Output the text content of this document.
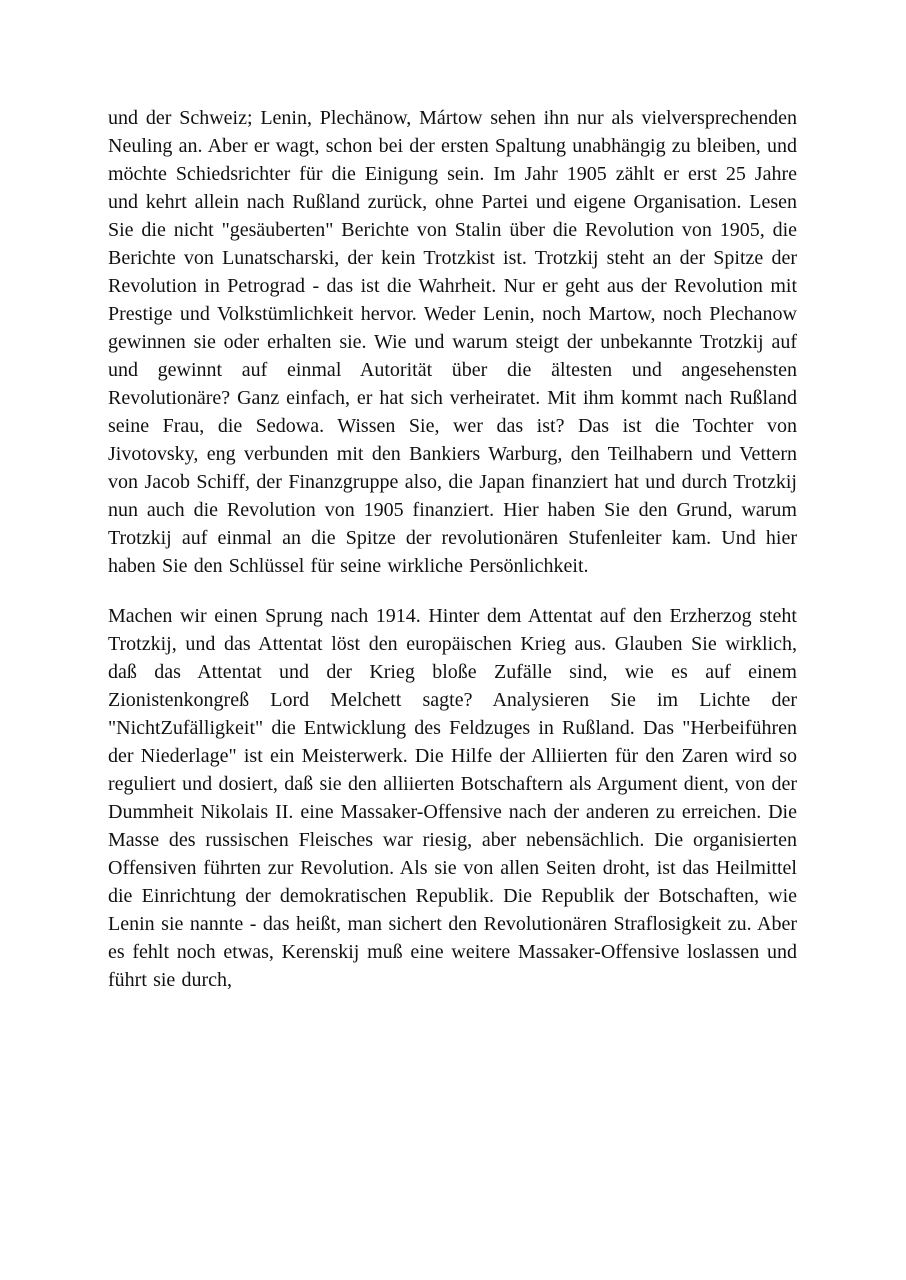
und der Schweiz; Lenin, Plechänow, Mártow sehen ihn nur als vielversprechenden Neuling an. Aber er wagt, schon bei der ersten Spaltung unabhängig zu bleiben, und möchte Schiedsrichter für die Einigung sein. Im Jahr 1905 zählt er erst 25 Jahre und kehrt allein nach Rußland zurück, ohne Partei und eigene Organisation. Lesen Sie die nicht "gesäuberten" Berichte von Stalin über die Revolution von 1905, die Berichte von Lunatscharski, der kein Trotzkist ist. Trotzkij steht an der Spitze der Revolution in Petrograd - das ist die Wahrheit. Nur er geht aus der Revolution mit Prestige und Volkstümlichkeit hervor. Weder Lenin, noch Martow, noch Plechanow gewinnen sie oder erhalten sie. Wie und warum steigt der unbekannte Trotzkij auf und gewinnt auf einmal Autorität über die ältesten und angesehensten Revolutionäre? Ganz einfach, er hat sich verheiratet. Mit ihm kommt nach Rußland seine Frau, die Sedowa. Wissen Sie, wer das ist? Das ist die Tochter von Jivotovsky, eng verbunden mit den Bankiers Warburg, den Teilhabern und Vettern von Jacob Schiff, der Finanzgruppe also, die Japan finanziert hat und durch Trotzkij nun auch die Revolution von 1905 finanziert. Hier haben Sie den Grund, warum Trotzkij auf einmal an die Spitze der revolutionären Stufenleiter kam. Und hier haben Sie den Schlüssel für seine wirkliche Persönlichkeit.

Machen wir einen Sprung nach 1914. Hinter dem Attentat auf den Erzherzog steht Trotzkij, und das Attentat löst den europäischen Krieg aus. Glauben Sie wirklich, daß das Attentat und der Krieg bloße Zufälle sind, wie es auf einem Zionistenkongreß Lord Melchett sagte? Analysieren Sie im Lichte der "NichtZufälligkeit" die Entwicklung des Feldzuges in Rußland. Das "Herbeiführen der Niederlage" ist ein Meisterwerk. Die Hilfe der Alliierten für den Zaren wird so reguliert und dosiert, daß sie den alliierten Botschaftern als Argument dient, von der Dummheit Nikolais II. eine Massaker-Offensive nach der anderen zu erreichen. Die Masse des russischen Fleisches war riesig, aber nebensächlich. Die organisierten Offensiven führten zur Revolution. Als sie von allen Seiten droht, ist das Heilmittel die Einrichtung der demokratischen Republik. Die Republik der Botschaften, wie Lenin sie nannte - das heißt, man sichert den Revolutionären Straflosigkeit zu. Aber es fehlt noch etwas, Kerenskij muß eine weitere Massaker-Offensive loslassen und führt sie durch,
